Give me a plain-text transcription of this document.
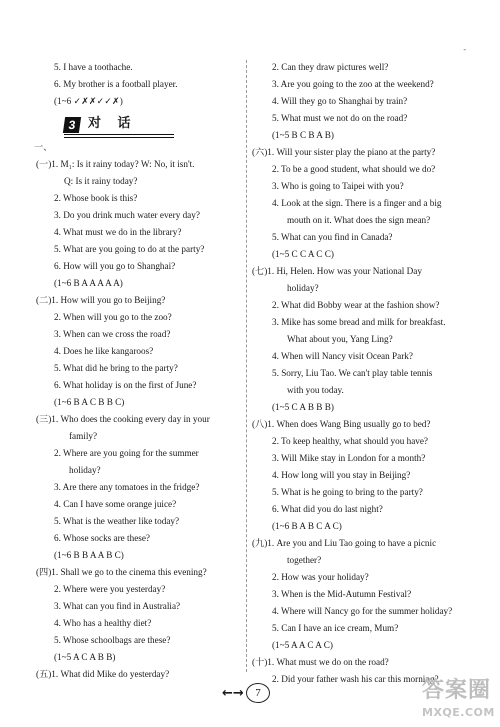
-
5. I have a toothache.
6. My brother is a football player.
(1~6 ✓✗✗✓✓✗)
一、
(一)1. M₁: Is it rainy today? W: No, it isn't.
Q: Is it rainy today?
2. Whose book is this?
3. Do you drink much water every day?
4. What must we do in the library?
5. What are you going to do at the party?
6. How will you go to Shanghai?
(1~6 B A A A A A)
(二)1. How will you go to Beijing?
2. When will you go to the zoo?
3. When can we cross the road?
4. Does he like kangaroos?
5. What did he bring to the party?
6. What holiday is on the first of June?
(1~6 B A C B B C)
(三)1. Who does the cooking every day in your
family?
2. Where are you going for the summer
holiday?
3. Are there any tomatoes in the fridge?
4. Can I have some orange juice?
5. What is the weather like today?
6. Whose socks are these?
(1~6 B B A A B C)
(四)1. Shall we go to the cinema this evening?
2. Where were you yesterday?
3. What can you find in Australia?
4. Who has a healthy diet?
5. Whose schoolbags are these?
(1~5 A C A B B)
(五)1. What did Mike do yesterday?
3 对 话
2. Can they draw pictures well?
3. Are you going to the zoo at the weekend?
4. Will they go to Shanghai by train?
5. What must we not do on the road?
(1~5 B C B A B)
(六)1. Will your sister play the piano at the party?
2. To be a good student, what should we do?
3. Who is going to Taipei with you?
4. Look at the sign. There is a finger and a big
mouth on it. What does the sign mean?
5. What can you find in Canada?
(1~5 C C A C C)
(七)1. Hi, Helen. How was your National Day
holiday?
2. What did Bobby wear at the fashion show?
3. Mike has some bread and milk for breakfast.
What about you, Yang Ling?
4. When will Nancy visit Ocean Park?
5. Sorry, Liu Tao. We can't play table tennis
with you today.
(1~5 C A B B B)
(八)1. When does Wang Bing usually go to bed?
2. To keep healthy, what should you have?
3. Will Mike stay in London for a month?
4. How long will you stay in Beijing?
5. What is he going to bring to the party?
6. What did you do last night?
(1~6 B A B C A C)
(九)1. Are you and Liu Tao going to have a picnic
together?
2. How was your holiday?
3. When is the Mid-Autumn Festival?
4. Where will Nancy go for the summer holiday?
5. Can I have an ice cream, Mum?
(1~5 A A C A C)
(十)1. What must we do on the road?
2. Did your father wash his car this morning?
←→	7	答案圈
MXQE.COM
